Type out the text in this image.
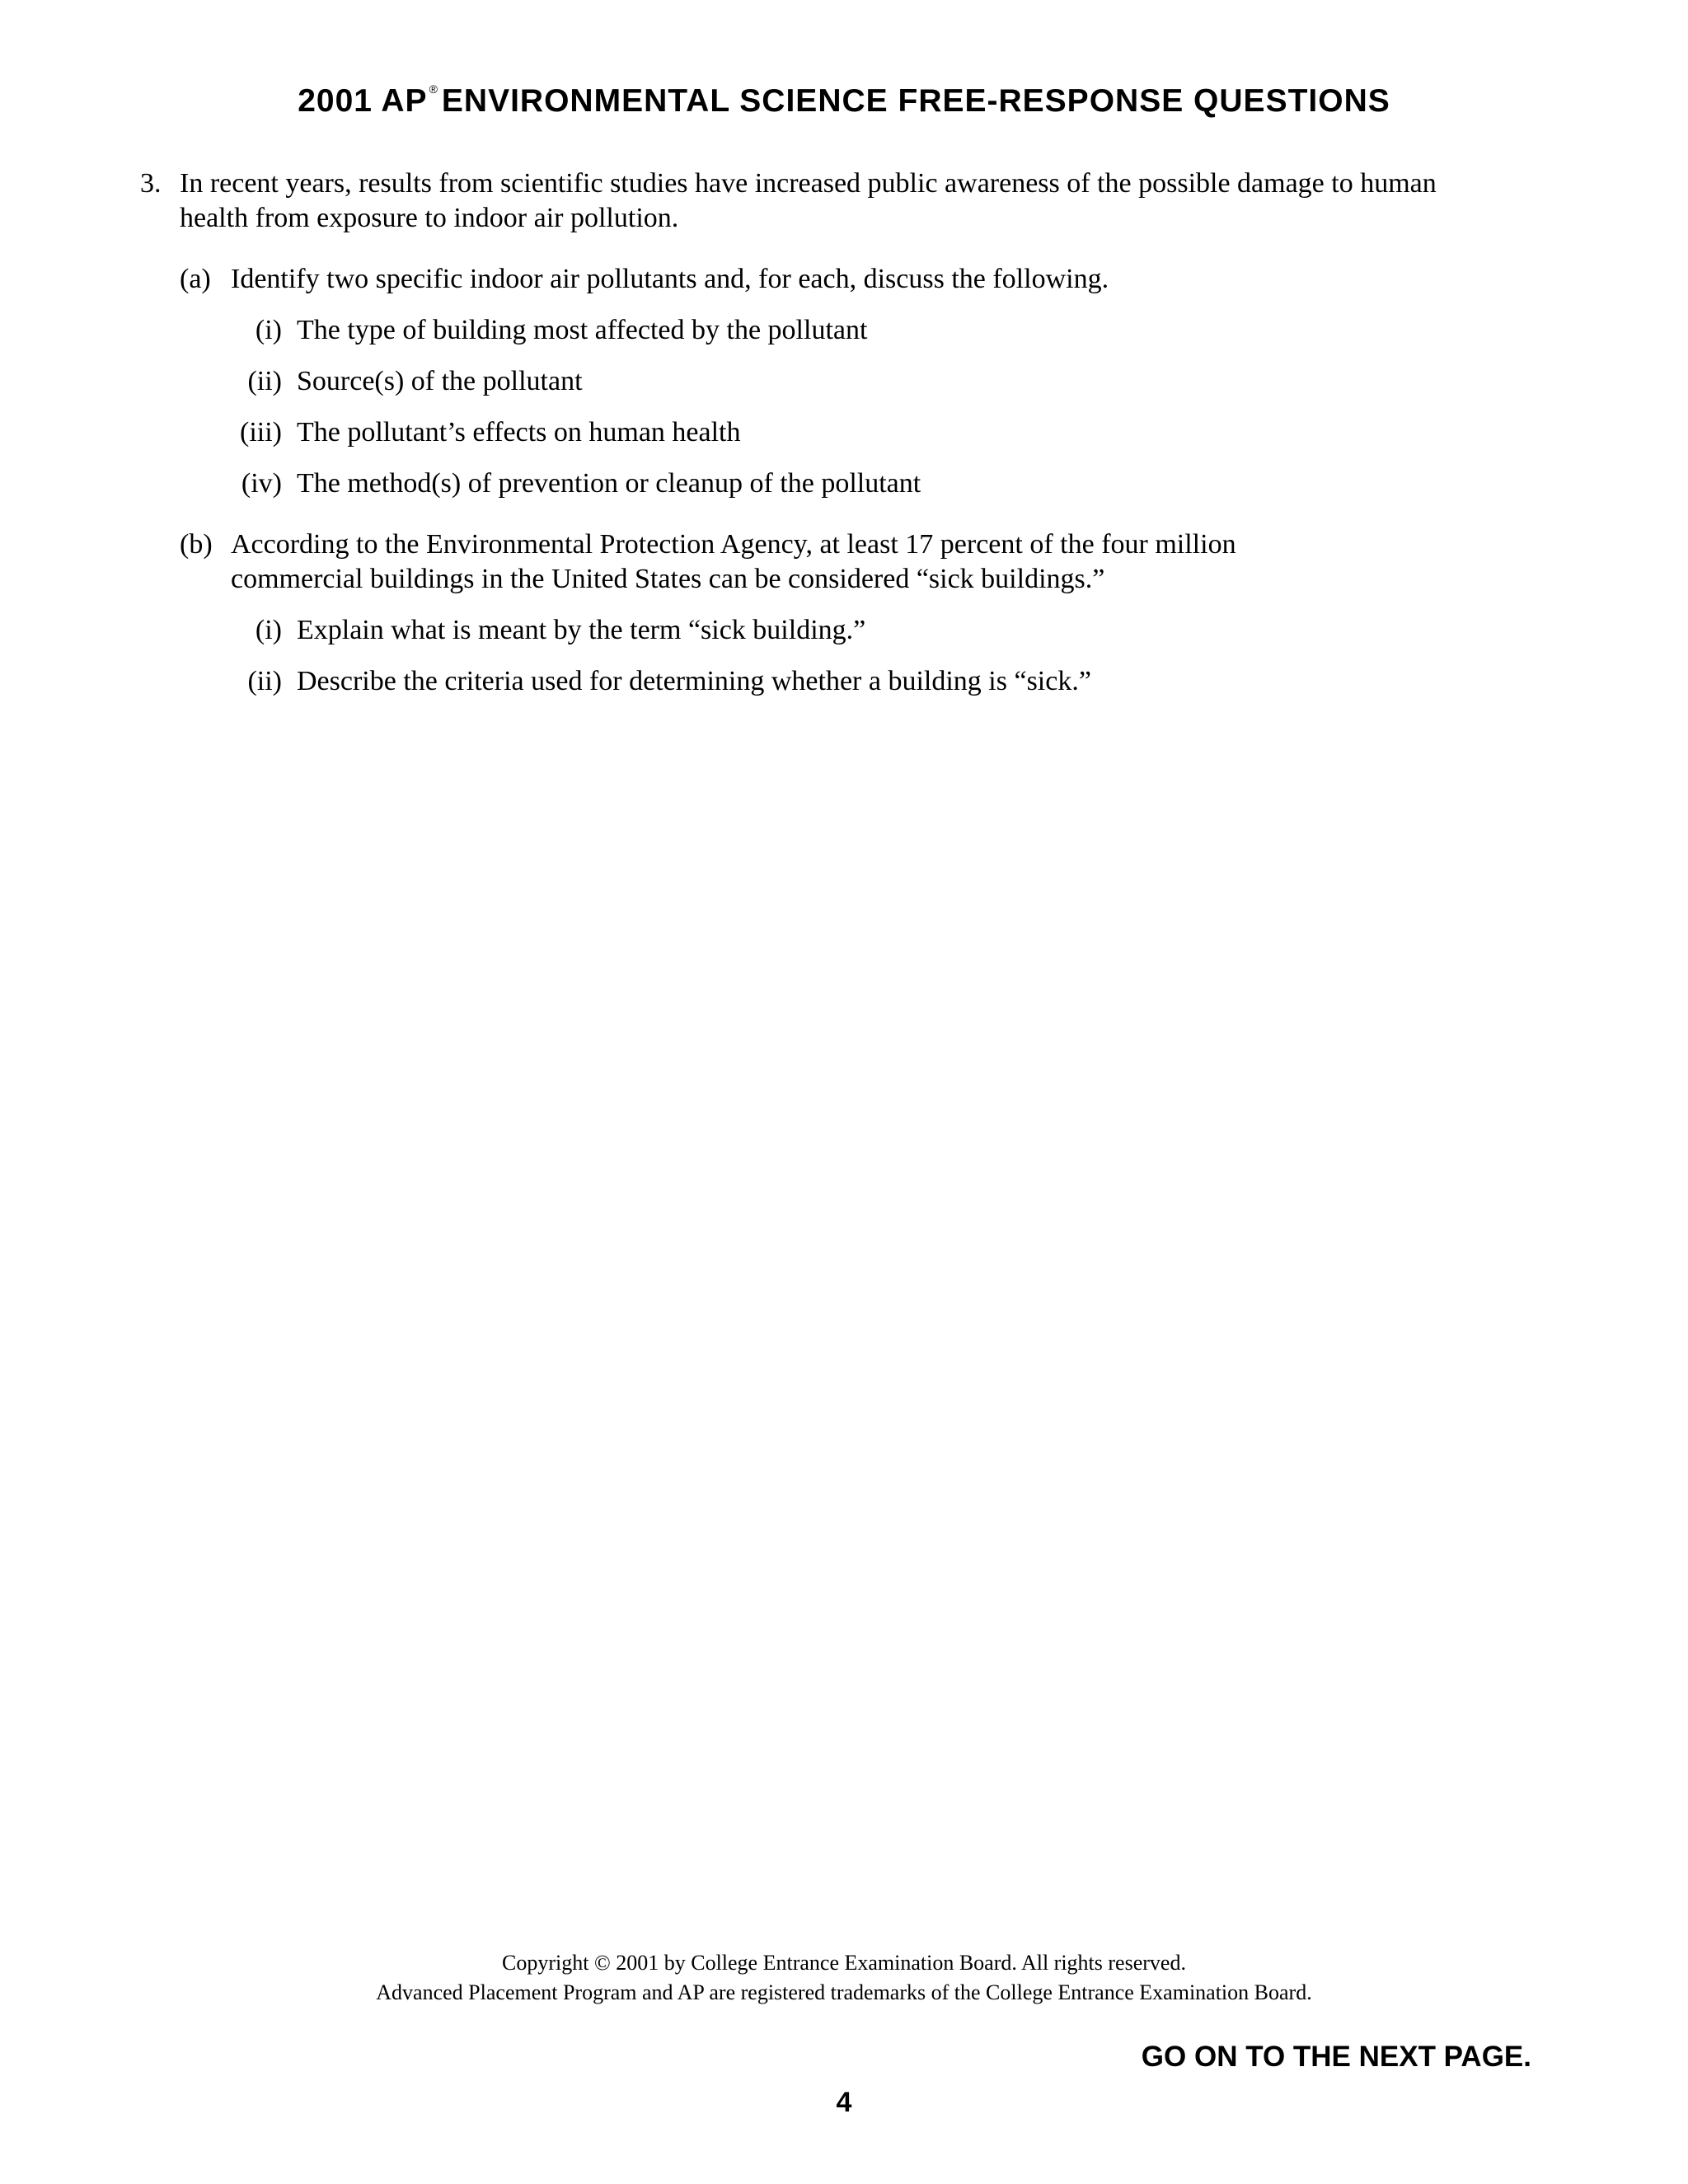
2001 AP ® ENVIRONMENTAL SCIENCE FREE-RESPONSE QUESTIONS
3. In recent years, results from scientific studies have increased public awareness of the possible damage to human
health from exposure to indoor air pollution.
(a) Identify two specific indoor air pollutants and, for each, discuss the following.
(i) The type of building most affected by the pollutant
(ii) Source(s) of the pollutant
(iii) The pollutant’s effects on human health
(iv) The method(s) of prevention or cleanup of the pollutant
(b) According to the Environmental Protection Agency, at least 17 percent of the four million
commercial buildings in the United States can be considered “sick buildings.”
(i) Explain what is meant by the term “sick building.”
(ii) Describe the criteria used for determining whether a building is “sick.”
Copyright © 2001 by College Entrance Examination Board. All rights reserved.
Advanced Placement Program and AP are registered trademarks of the College Entrance Examination Board.
GO ON TO THE NEXT PAGE.
4
